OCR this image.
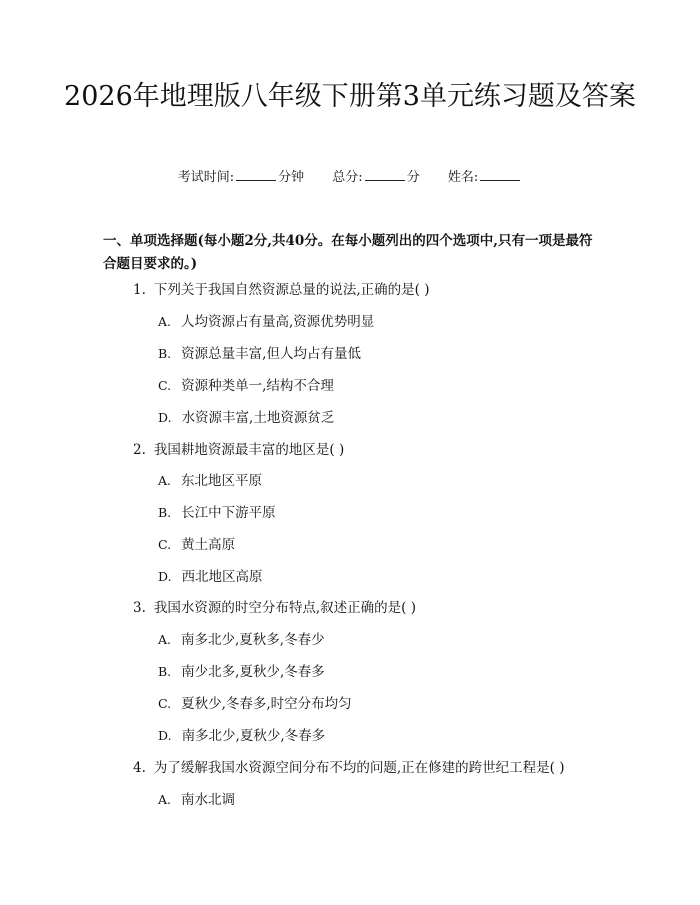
2026年地理版八年级下册第3单元练习题及答案
考试时间:	分钟 总分:	分 姓名:
一、单项选择题(每小题2分,共40分。在每小题列出的四个选项中,只有一项是最符合题目要求的。)
1. 下列关于我国自然资源总量的说法,正确的是( )
A. 人均资源占有量高,资源优势明显
B. 资源总量丰富,但人均占有量低
C. 资源种类单一,结构不合理
D. 水资源丰富,土地资源贫乏
2. 我国耕地资源最丰富的地区是( )
A. 东北地区平原
B. 长江中下游平原
C. 黄土高原
D. 西北地区高原
3. 我国水资源的时空分布特点,叙述正确的是( )
A. 南多北少,夏秋多,冬春少
B. 南少北多,夏秋少,冬春多
C. 夏秋少,冬春多,时空分布均匀
D. 南多北少,夏秋少,冬春多
4. 为了缓解我国水资源空间分布不均的问题,正在修建的跨世纪工程是( )
A. 南水北调
